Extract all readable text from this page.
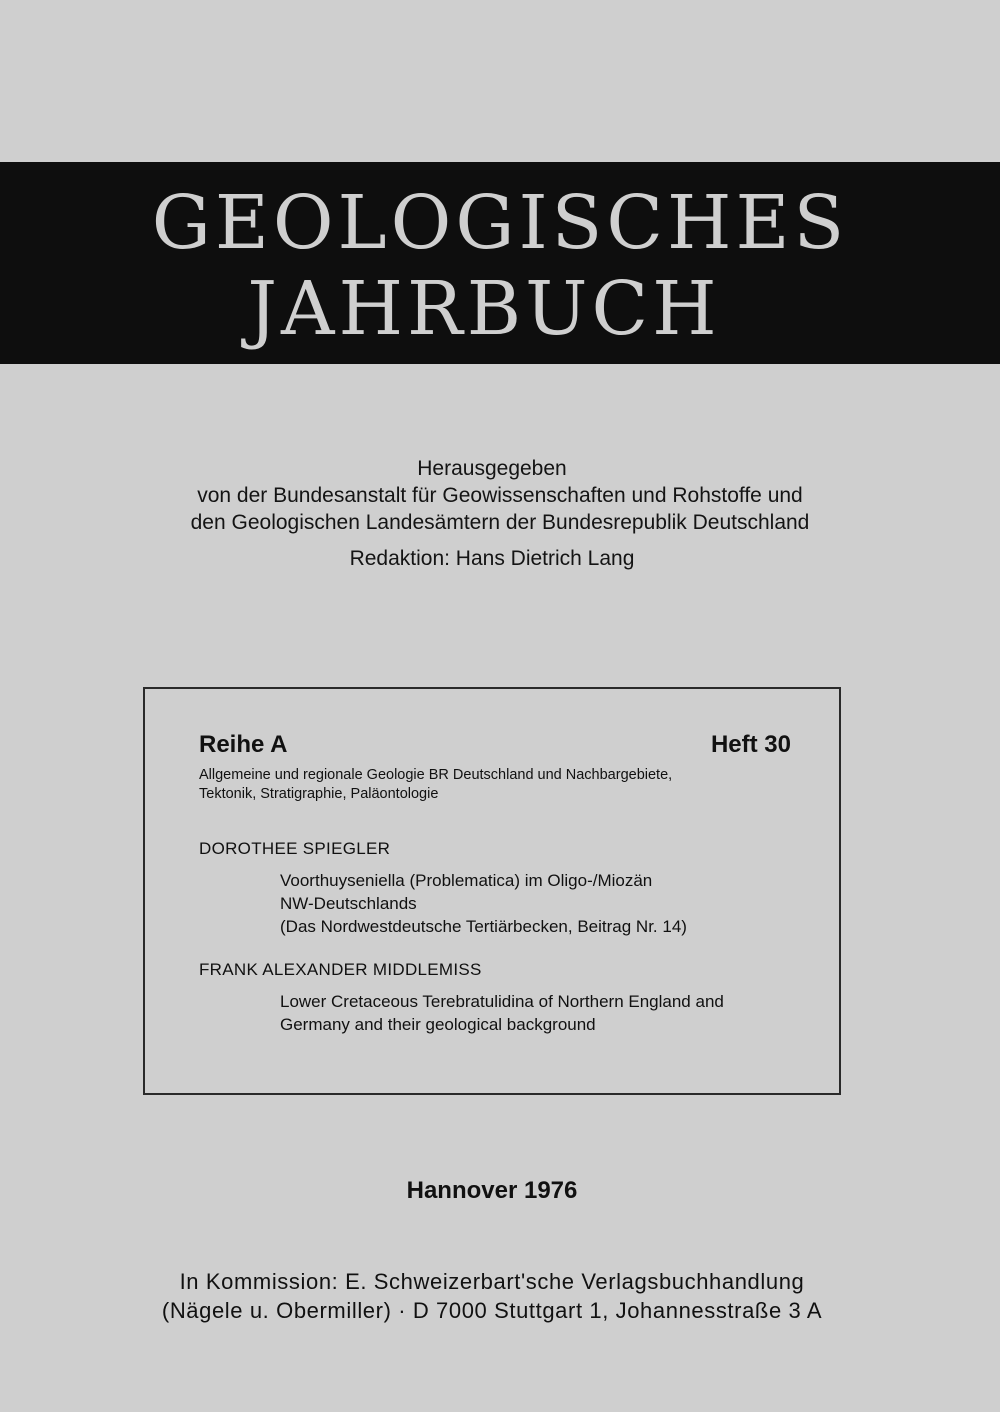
GEOLOGISCHES
JAHRBUCH
Herausgegeben
von der Bundesanstalt für Geowissenschaften und Rohstoffe und
den Geologischen Landesämtern der Bundesrepublik Deutschland
Redaktion: Hans Dietrich Lang
Reihe A	Heft 30
Allgemeine und regionale Geologie BR Deutschland und Nachbargebiete,
Tektonik, Stratigraphie, Paläontologie
DOROTHEE SPIEGLER
Voorthuyseniella (Problematica) im Oligo-/Miozän
NW-Deutschlands
(Das Nordwestdeutsche Tertiärbecken, Beitrag Nr. 14)
FRANK ALEXANDER MIDDLEMISS
Lower Cretaceous Terebratulidina of Northern England and
Germany and their geological background
Hannover 1976
In Kommission: E. Schweizerbart'sche Verlagsbuchhandlung
(Nägele u. Obermiller) · D 7000 Stuttgart 1, Johannesstraße 3 A
